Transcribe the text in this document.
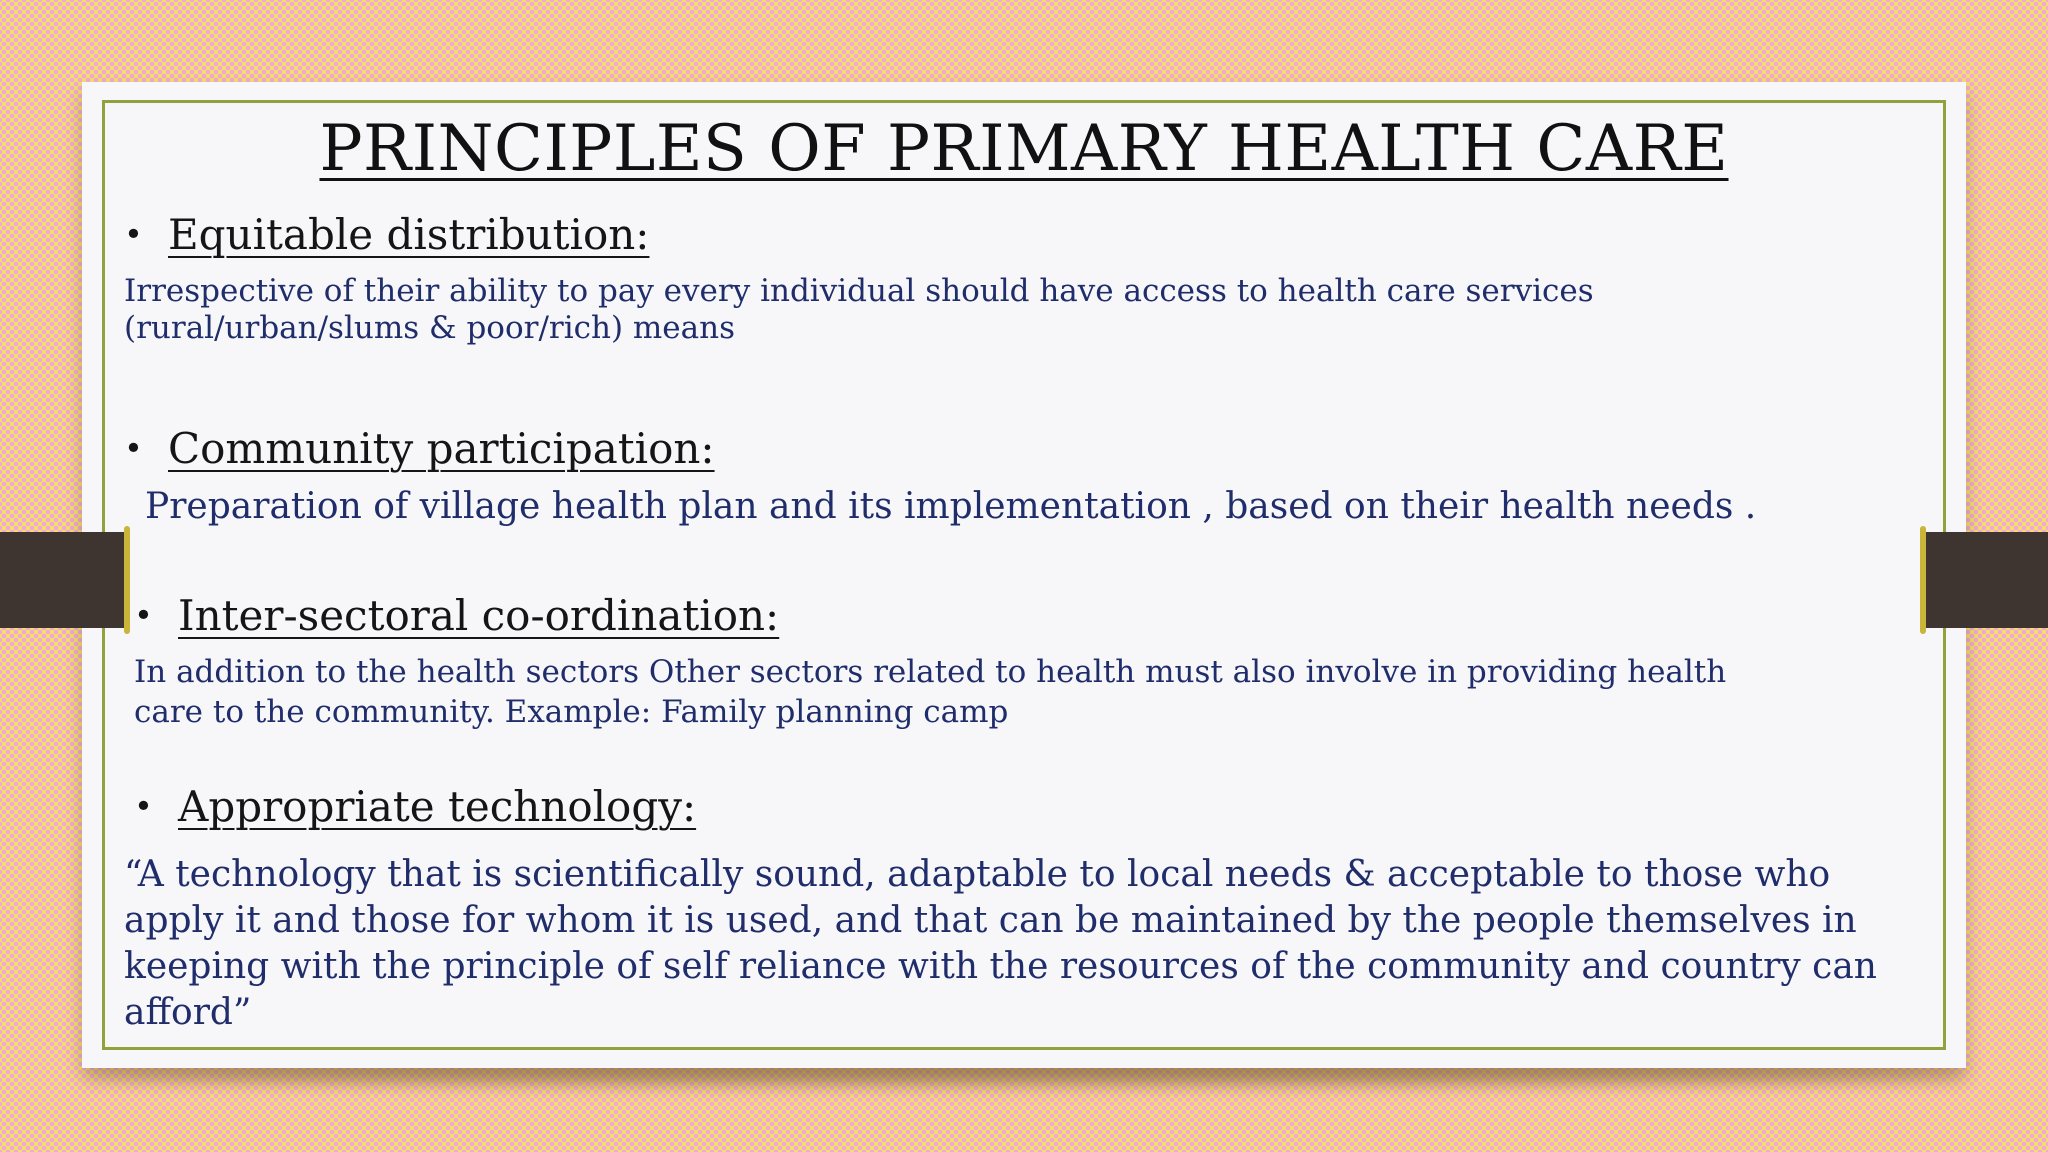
PRINCIPLES OF PRIMARY HEALTH CARE
• Equitable distribution:
Irrespective of their ability to pay every individual should have access to health care services
(rural/urban/slums & poor/rich) means
• Community participation:
Preparation of village health plan and its implementation , based on their health needs .
• Inter-sectoral co-ordination:
In addition to the health sectors Other sectors related to health must also involve in providing health
care to the community. Example: Family planning camp
• Appropriate technology:
“A technology that is scientifically sound, adaptable to local needs & acceptable to those who
apply it and those for whom it is used, and that can be maintained by the people themselves in
keeping with the principle of self reliance with the resources of the community and country can
afford”
